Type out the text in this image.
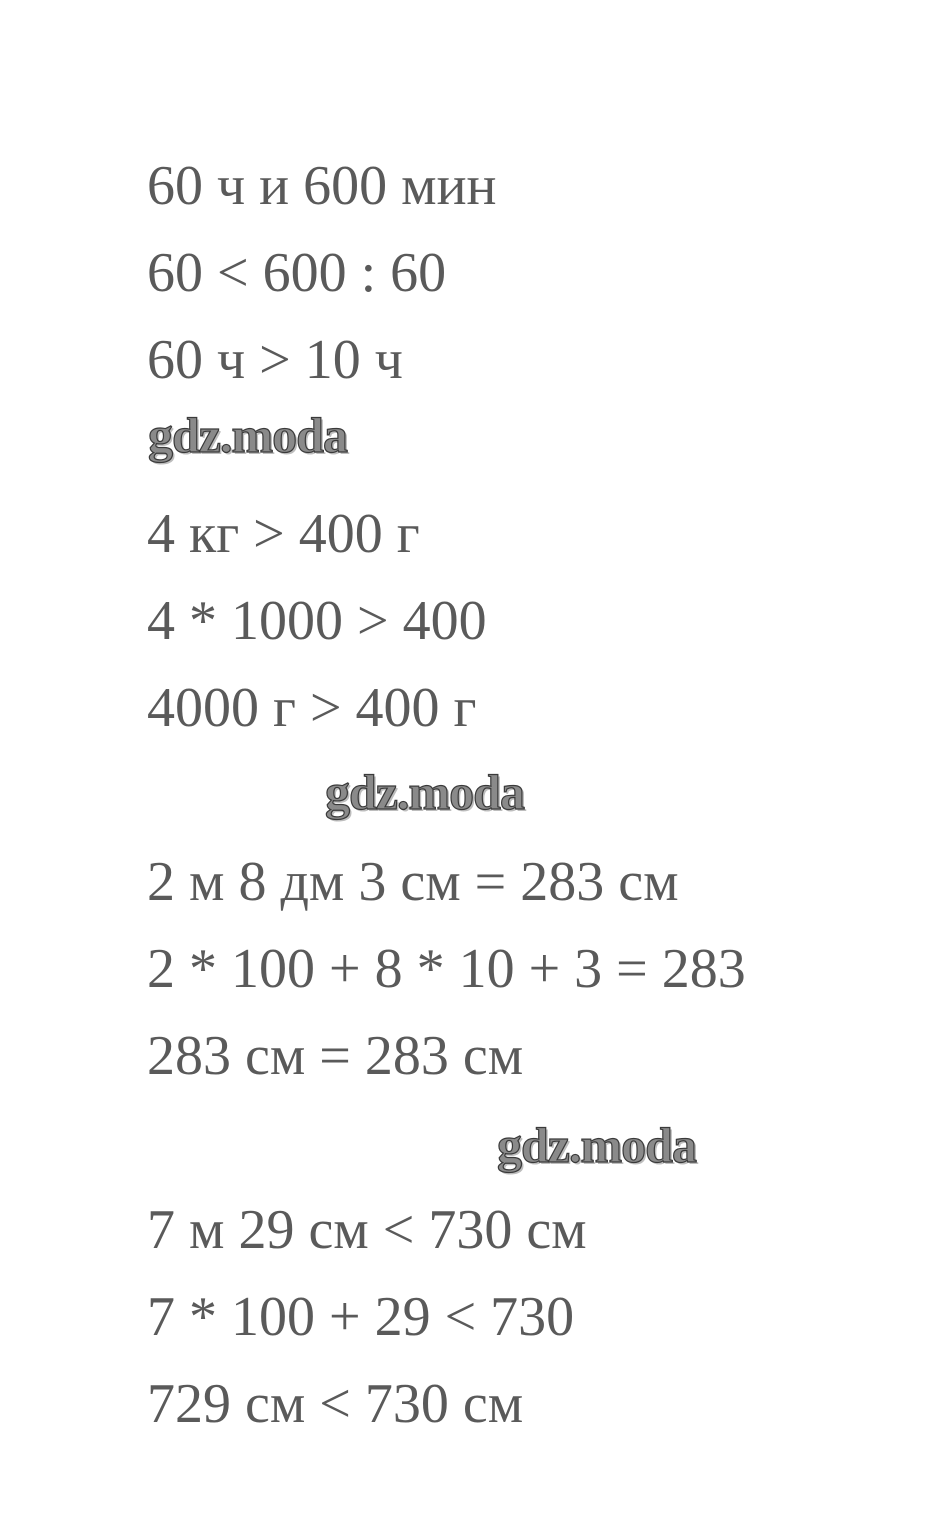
60 ч и 600 мин
60 < 600 : 60
60 ч > 10 ч
gdz.moda
4 кг > 400 г
4 * 1000 > 400
4000 г > 400 г
gdz.moda
2 м 8 дм 3 см = 283 см
2 * 100 + 8 * 10 + 3 = 283
283 см = 283 см
gdz.moda
7 м 29 см < 730 см
7 * 100 + 29 < 730
729 см < 730 см
